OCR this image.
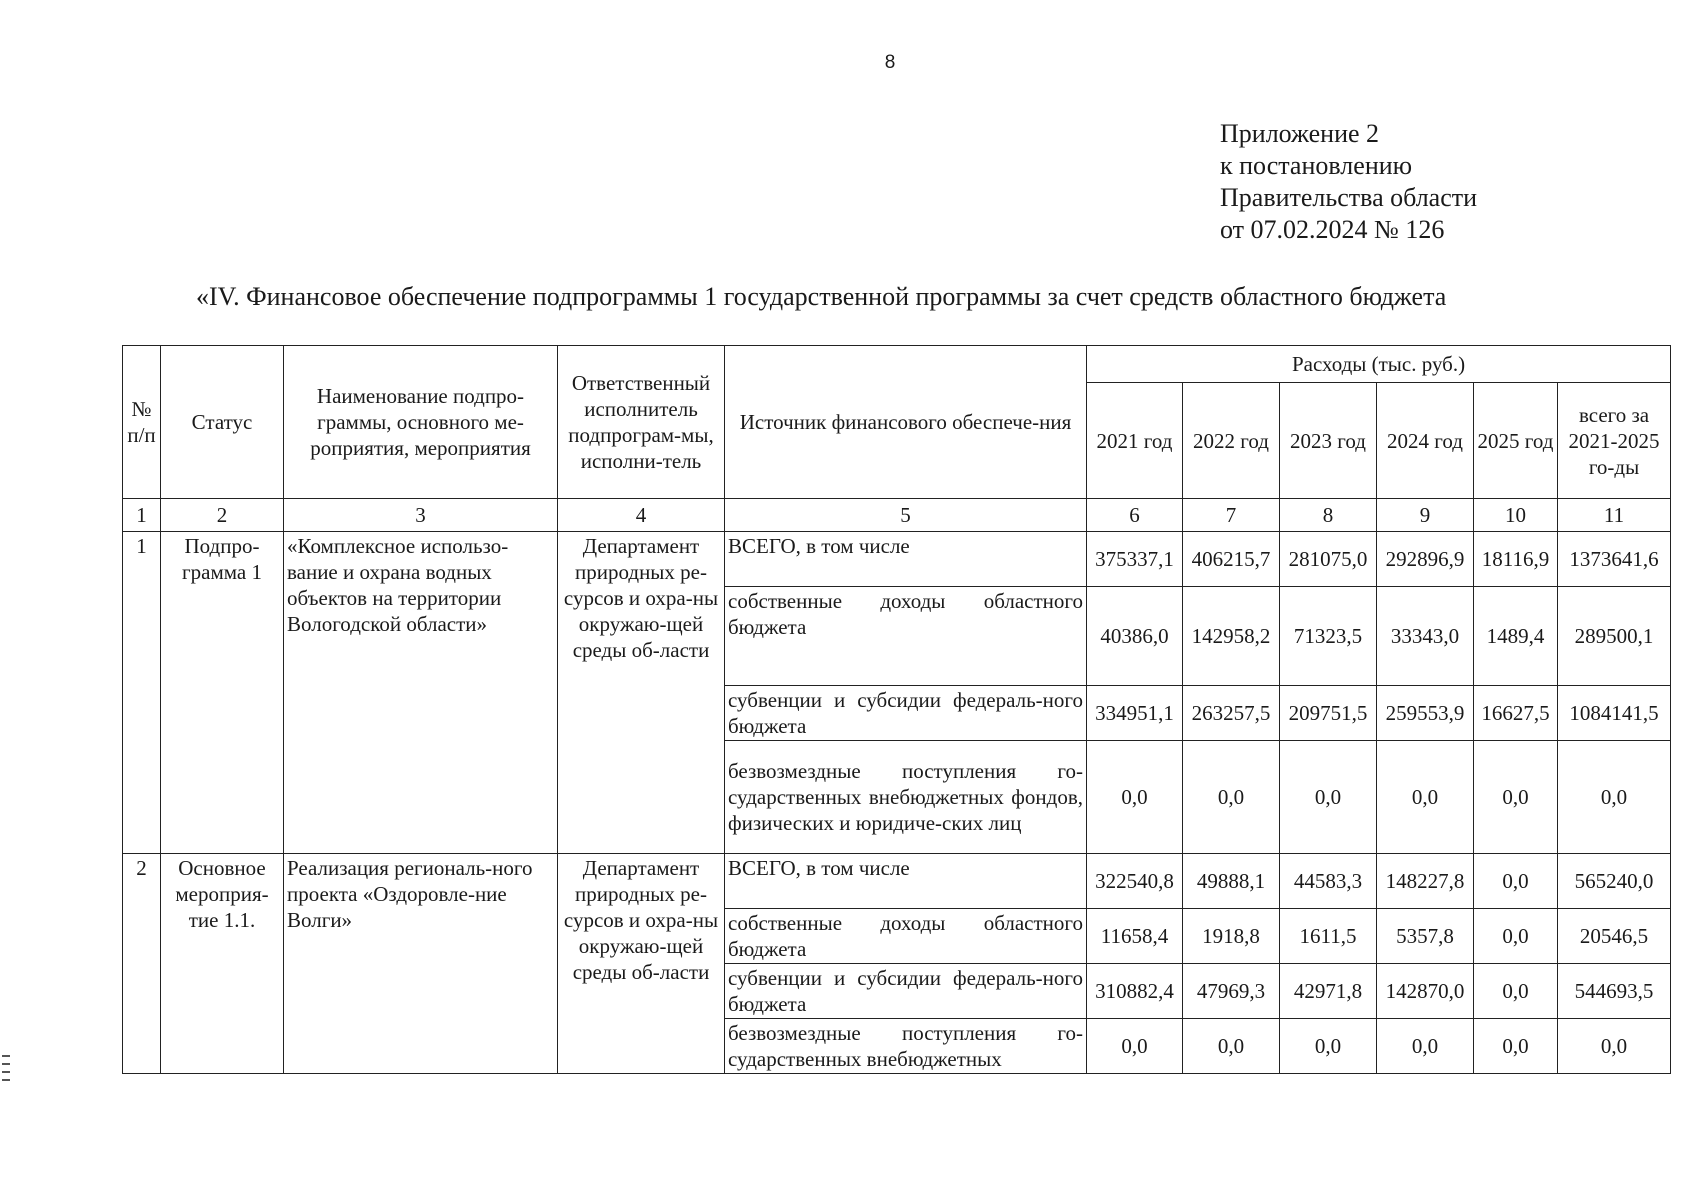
8
Приложение 2
к постановлению
Правительства области
от 07.02.2024 № 126
«IV. Финансовое обеспечение подпрограммы 1 государственной программы за счет средств областного бюджета
№ п/п	Статус	Наименование подпро-граммы, основного ме-роприятия, мероприятия	Ответственный исполнитель подпрограм-мы, исполни-тель	Источник финансового обеспече-ния	Расходы (тыс. руб.)					
					2021 год	2022 год	2023 год	2024 год	2025 год	всего за 2021-2025 го-ды
1	2	3	4	5	6	7	8	9	10	11
1	Подпро-грамма 1	«Комплексное использо-вание и охрана водных объектов на территории Вологодской области»	Департамент природных ре-сурсов и охра-ны окружаю-щей среды об-ласти	ВСЕГО, в том числе	375337,1	406215,7	281075,0	292896,9	18116,9	1373641,6
				собственные доходы областного бюджета	40386,0	142958,2	71323,5	33343,0	1489,4	289500,1
				субвенции и субсидии федераль-ного бюджета	334951,1	263257,5	209751,5	259553,9	16627,5	1084141,5
				безвозмездные поступления го-сударственных внебюджетных фондов, физических и юридиче-ских лиц	0,0	0,0	0,0	0,0	0,0	0,0
2	Основное мероприя-тие 1.1.	Реализация региональ-ного проекта «Оздоровле-ние Волги»	Департамент природных ре-сурсов и охра-ны окружаю-щей среды об-ласти	ВСЕГО, в том числе	322540,8	49888,1	44583,3	148227,8	0,0	565240,0
				собственные доходы областного бюджета	11658,4	1918,8	1611,5	5357,8	0,0	20546,5
				субвенции и субсидии федераль-ного бюджета	310882,4	47969,3	42971,8	142870,0	0,0	544693,5
				безвозмездные поступления го-сударственных внебюджетных	0,0	0,0	0,0	0,0	0,0	0,0
